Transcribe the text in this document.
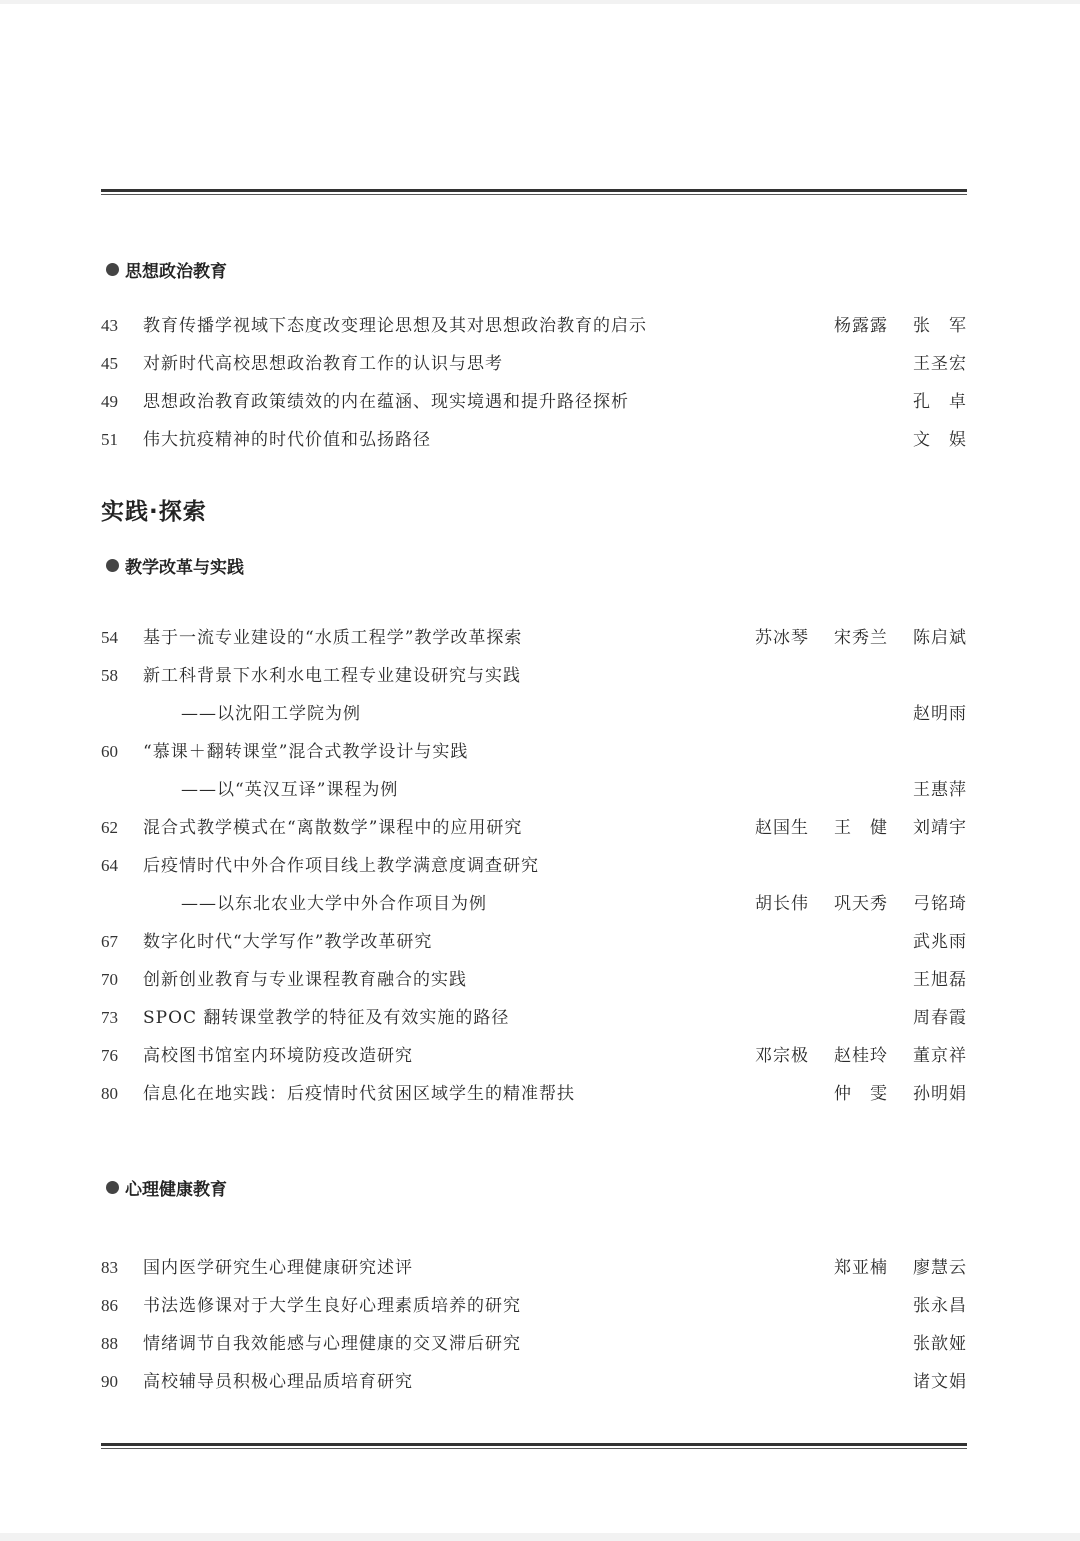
思想政治教育
43	教育传播学视域下态度改变理论思想及其对思想政治教育的启示	杨露露 张　军
45	对新时代高校思想政治教育工作的认识与思考	王圣宏
49	思想政治教育政策绩效的内在蕴涵、现实境遇和提升路径探析	孔　卓
51	伟大抗疫精神的时代价值和弘扬路径	文　娱
实践·探索
教学改革与实践
54	基于一流专业建设的“水质工程学”教学改革探索	苏冰琴 宋秀兰 陈启斌
58	新工科背景下水利水电工程专业建设研究与实践
——以沈阳工学院为例	赵明雨
60	“慕课＋翻转课堂”混合式教学设计与实践
——以“英汉互译”课程为例	王惠萍
62	混合式教学模式在“离散数学”课程中的应用研究	赵国生 王　健 刘靖宇
64	后疫情时代中外合作项目线上教学满意度调查研究
——以东北农业大学中外合作项目为例	胡长伟 巩天秀 弓铭琦
67	数字化时代“大学写作”教学改革研究	武兆雨
70	创新创业教育与专业课程教育融合的实践	王旭磊
73	SPOC 翻转课堂教学的特征及有效实施的路径	周春霞
76	高校图书馆室内环境防疫改造研究	邓宗极 赵桂玲 董京祥
80	信息化在地实践：后疫情时代贫困区域学生的精准帮扶	仲　雯 孙明娟
心理健康教育
83	国内医学研究生心理健康研究述评	郑亚楠 廖慧云
86	书法选修课对于大学生良好心理素质培养的研究	张永昌
88	情绪调节自我效能感与心理健康的交叉滞后研究	张歆娅
90	高校辅导员积极心理品质培育研究	诸文娟
